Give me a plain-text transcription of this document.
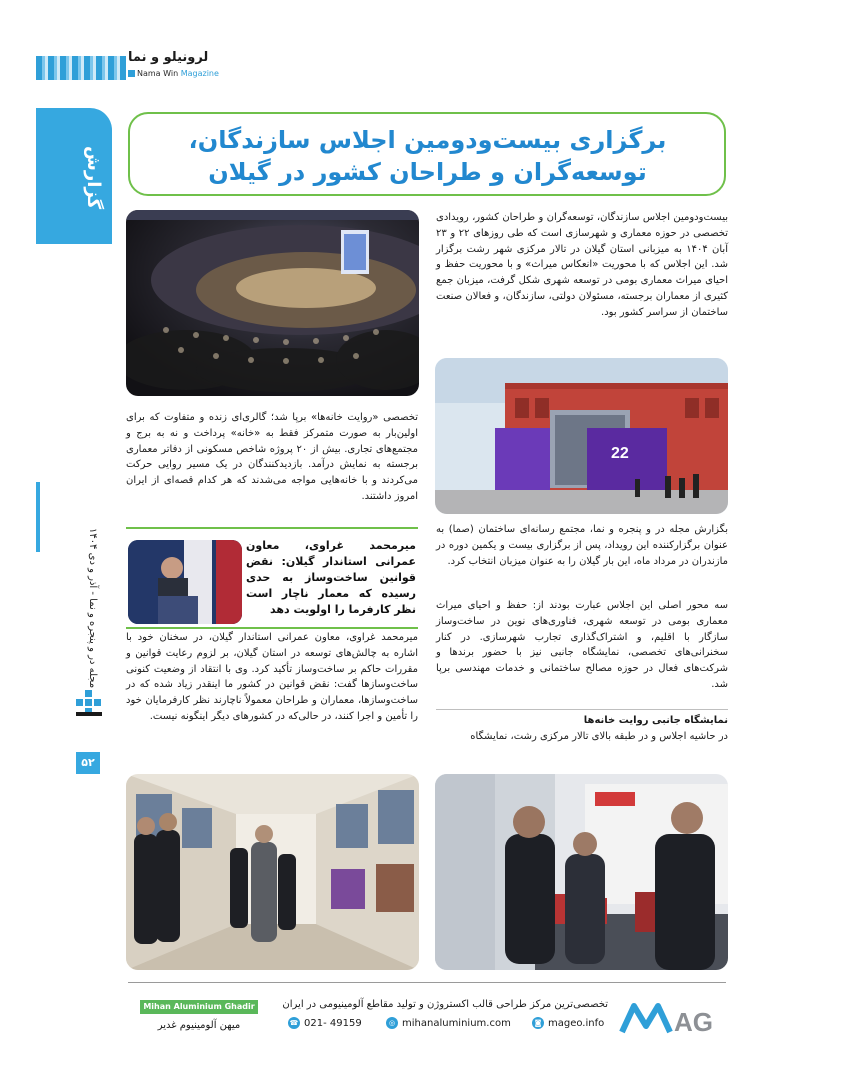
لرونیلو و نما
Nama Win Magazine
گزارش
مجله در و پنجره و نما - آذر و دی ۱۴۰۴
۵۲
برگزاری بیست‌ودومین اجلاس سازندگان، توسعه‌گران و طراحان کشور در گیلان
بیست‌ودومین اجلاس سازندگان، توسعه‌گران و طراحان کشور، رویدادی تخصصی در حوزه معماری و شهرسازی است که طی روزهای ۲۲ و ۲۳ آبان ۱۴۰۴ به میزبانی استان گیلان در تالار مرکزی شهر رشت برگزار شد. این اجلاس که با محوریت «انعکاس میراث» و با محوریت حفظ و احیای میراث معماری بومی در توسعه شهری شکل گرفت، میزبان جمع کثیری از معماران برجسته، مسئولان دولتی، سازندگان، و فعالان صنعت ساختمان از سراسر کشور بود.
22
تخصصی «روایت خانه‌ها» برپا شد؛ گالری‌ای زنده و متفاوت که برای اولین‌بار به صورت متمرکز فقط به «خانه» پرداخت و نه به برج و مجتمع‌های تجاری. بیش از ۲۰ پروژه شاخص مسکونی از دفاتر معماری برجسته به نمایش درآمد. بازدیدکنندگان در یک مسیر روایی حرکت می‌کردند و با خانه‌هایی مواجه می‌شدند که هر کدام قصه‌ای از ایران امروز داشتند.
میرمحمد غراوی، معاون عمرانی استاندار گیلان: نقض قوانین ساخت‌وساز به حدی رسیده که معمار ناچار است نظر کارفرما را اولویت دهد
میرمحمد غراوی، معاون عمرانی استاندار گیلان، در سخنان خود با اشاره به چالش‌های توسعه در استان گیلان، بر لزوم رعایت قوانین و مقررات حاکم بر ساخت‌وساز تأکید کرد. وی با انتقاد از وضعیت کنونی ساخت‌وسازها گفت: نقض قوانین در کشور ما اینقدر زیاد شده که در ساخت‌وسازها، معماران و طراحان معمولاً ناچارند نظر کارفرمایان خود را تأمین و اجرا کنند، در حالی‌که در کشورهای دیگر اینگونه نیست.
بگزارش مجله در و پنجره و نما، مجتمع رسانه‌ای ساختمان (صما) به عنوان برگزارکننده این رویداد، پس از برگزاری بیست و یکمین دوره در مازندران در مرداد ماه، این بار گیلان را به عنوان میزبان انتخاب کرد.
سه محور اصلی این اجلاس عبارت بودند از: حفظ و احیای میراث معماری بومی در توسعه شهری، فناوری‌های نوین در ساخت‌وساز سازگار با اقلیم، و اشتراک‌گذاری تجارب شهرسازی. در کنار سخنرانی‌های تخصصی، نمایشگاه جانبی نیز با حضور برندها و شرکت‌های فعال در حوزه مصالح ساختمانی و خدمات مهندسی برپا شد.
نمایشگاه جانبی روایت خانه‌ها
در حاشیه اجلاس و در طبقه بالای تالار مرکزی رشت، نمایشگاه
Mihan Aluminium Ghadir
میهن آلومینیوم غدیر
تخصصی‌ترین مرکز طراحی قالب اکستروژن و تولید مقاطع آلومینیومی در ایران
☎ 021- 49159	◎ mihanaluminium.com	◙ mageo.info	AG
